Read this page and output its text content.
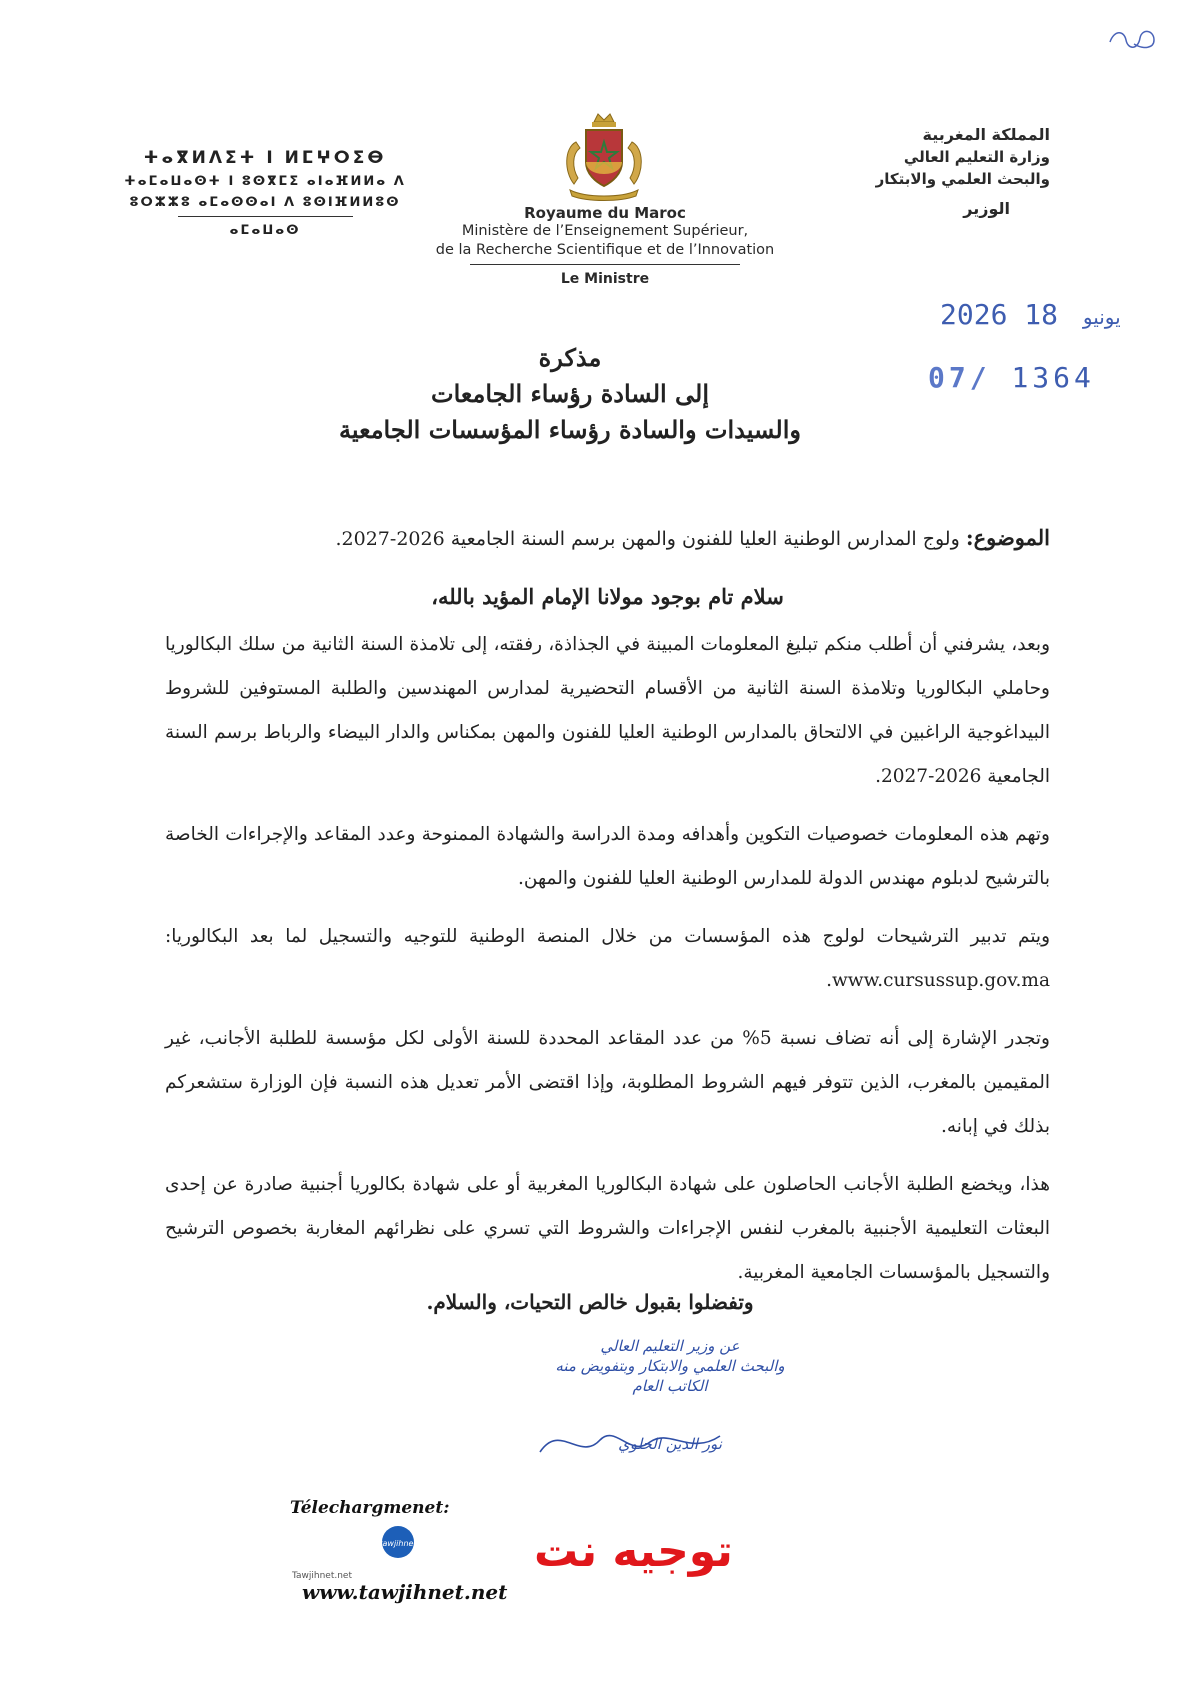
ⵜⴰⴳⵍⴷⵉⵜ ⵏ ⵍⵎⵖⵔⵉⴱ
ⵜⴰⵎⴰⵡⴰⵙⵜ ⵏ ⵓⵙⴳⵎⵉ ⴰⵏⴰⴼⵍⵍⴰ ⴷ
ⵓⵔⵣⵣⵓ ⴰⵎⴰⵙⵙⴰⵏ ⴷ ⵓⵙⵏⴼⵍⵍⵓⵙ
ⴰⵎⴰⵡⴰⵙ
Royaume du Maroc
Ministère de l’Enseignement Supérieur,
de la Recherche Scientifique et de l’Innovation
Le Ministre
المملكة المغربية
وزارة التعليم العالي
والبحث العلمي والابتكار
الوزير
2026	يونيو 18
07/ 1364
مذكرة
إلى السادة رؤساء الجامعات
والسيدات والسادة رؤساء المؤسسات الجامعية

الموضوع: ولوج المدارس الوطنية العليا للفنون والمهن برسم السنة الجامعية 2026-2027.

سلام تام بوجود مولانا الإمام المؤيد بالله،

وبعد، يشرفني أن أطلب منكم تبليغ المعلومات المبينة في الجذاذة، رفقته، إلى تلامذة السنة الثانية من سلك البكالوريا وحاملي البكالوريا وتلامذة السنة الثانية من الأقسام التحضيرية لمدارس المهندسين والطلبة المستوفين للشروط البيداغوجية الراغبين في الالتحاق بالمدارس الوطنية العليا للفنون والمهن بمكناس والدار البيضاء والرباط برسم السنة الجامعية 2026-2027.

وتهم هذه المعلومات خصوصيات التكوين وأهدافه ومدة الدراسة والشهادة الممنوحة وعدد المقاعد والإجراءات الخاصة بالترشيح لدبلوم مهندس الدولة للمدارس الوطنية العليا للفنون والمهن.

ويتم تدبير الترشيحات لولوج هذه المؤسسات من خلال المنصة الوطنية للتوجيه والتسجيل لما بعد البكالوريا: www.cursussup.gov.ma.

وتجدر الإشارة إلى أنه تضاف نسبة 5% من عدد المقاعد المحددة للسنة الأولى لكل مؤسسة للطلبة الأجانب، غير المقيمين بالمغرب، الذين تتوفر فيهم الشروط المطلوبة، وإذا اقتضى الأمر تعديل هذه النسبة فإن الوزارة ستشعركم بذلك في إبانه.

هذا، ويخضع الطلبة الأجانب الحاصلون على شهادة البكالوريا المغربية أو على شهادة بكالوريا أجنبية صادرة عن إحدى البعثات التعليمية الأجنبية بالمغرب لنفس الإجراءات والشروط التي تسري على نظرائهم المغاربة بخصوص الترشيح والتسجيل بالمؤسسات الجامعية المغربية.

وتفضلوا بقبول خالص التحيات، والسلام.
عن وزير التعليم العالي
والبحث العلمي والابتكار وبتفويض منه
الكاتب العام
نور الدين الحلوي
Télechargmenet:
توجيه نت
tawjihnet
Tawjihnet.net
www.tawjihnet.net
